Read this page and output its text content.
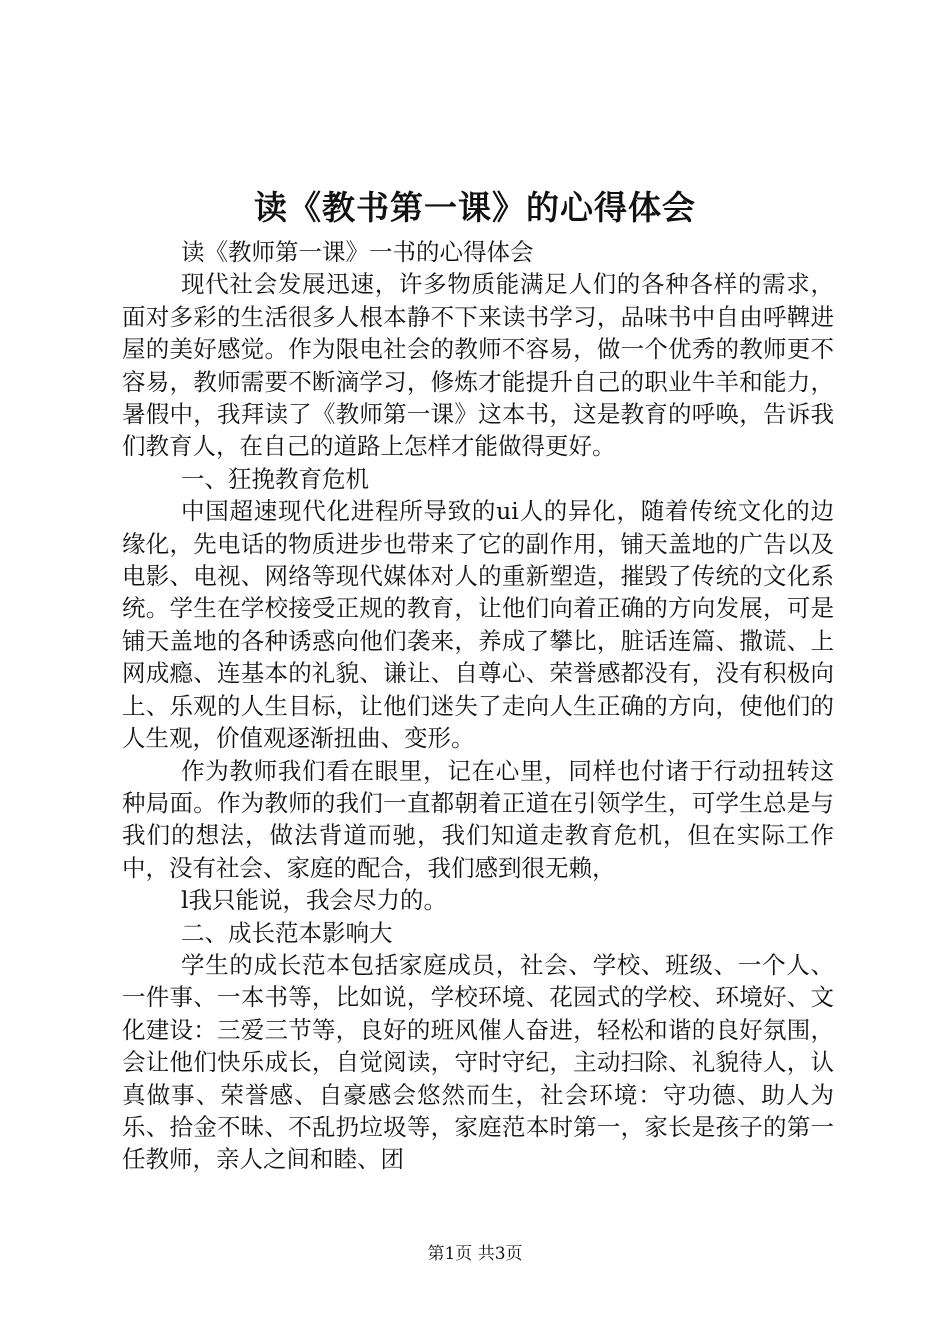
读《教书第一课》的心得体会

读《教师第一课》一书的心得体会

现代社会发展迅速，许多物质能满足人们的各种各样的需求，面对多彩的生活很多人根本静不下来读书学习，品味书中自由呼鞞进屋的美好感觉。作为限电社会的教师不容易，做一个优秀的教师更不容易，教师需要不断滴学习，修炼才能提升自己的职业牛羊和能力，暑假中，我拜读了《教师第一课》这本书，这是教育的呼唤，告诉我们教育人，在自己的道路上怎样才能做得更好。

一、狂挽教育危机

中国超速现代化进程所导致的ui人的异化，随着传统文化的边缘化，先电话的物质进步也带来了它的副作用，铺天盖地的广告以及电影、电视、网络等现代媒体对人的重新塑造，摧毁了传统的文化系统。学生在学校接受正规的教育，让他们向着正确的方向发展，可是铺天盖地的各种诱惑向他们袭来，养成了攀比，脏话连篇、撒谎、上网成瘾、连基本的礼貌、谦让、自尊心、荣誉感都没有，没有积极向上、乐观的人生目标，让他们迷失了走向人生正确的方向，使他们的人生观，价值观逐渐扭曲、变形。

作为教师我们看在眼里，记在心里，同样也付诸于行动扭转这种局面。作为教师的我们一直都朝着正道在引领学生，可学生总是与我们的想法，做法背道而驰，我们知道走教育危机，但在实际工作中，没有社会、家庭的配合，我们感到很无赖，

l我只能说，我会尽力的。

二、成长范本影响大

学生的成长范本包括家庭成员，社会、学校、班级、一个人、一件事、一本书等，比如说，学校环境、花园式的学校、环境好、文化建设：三爱三节等，良好的班风催人奋进，轻松和谐的良好氛围，会让他们快乐成长，自觉阅读，守时守纪，主动扫除、礼貌待人，认真做事、荣誉感、自豪感会悠然而生，社会环境：守功德、助人为乐、拾金不昧、不乱扔垃圾等，家庭范本时第一，家长是孩子的第一任教师，亲人之间和睦、团

第1页 共3页
